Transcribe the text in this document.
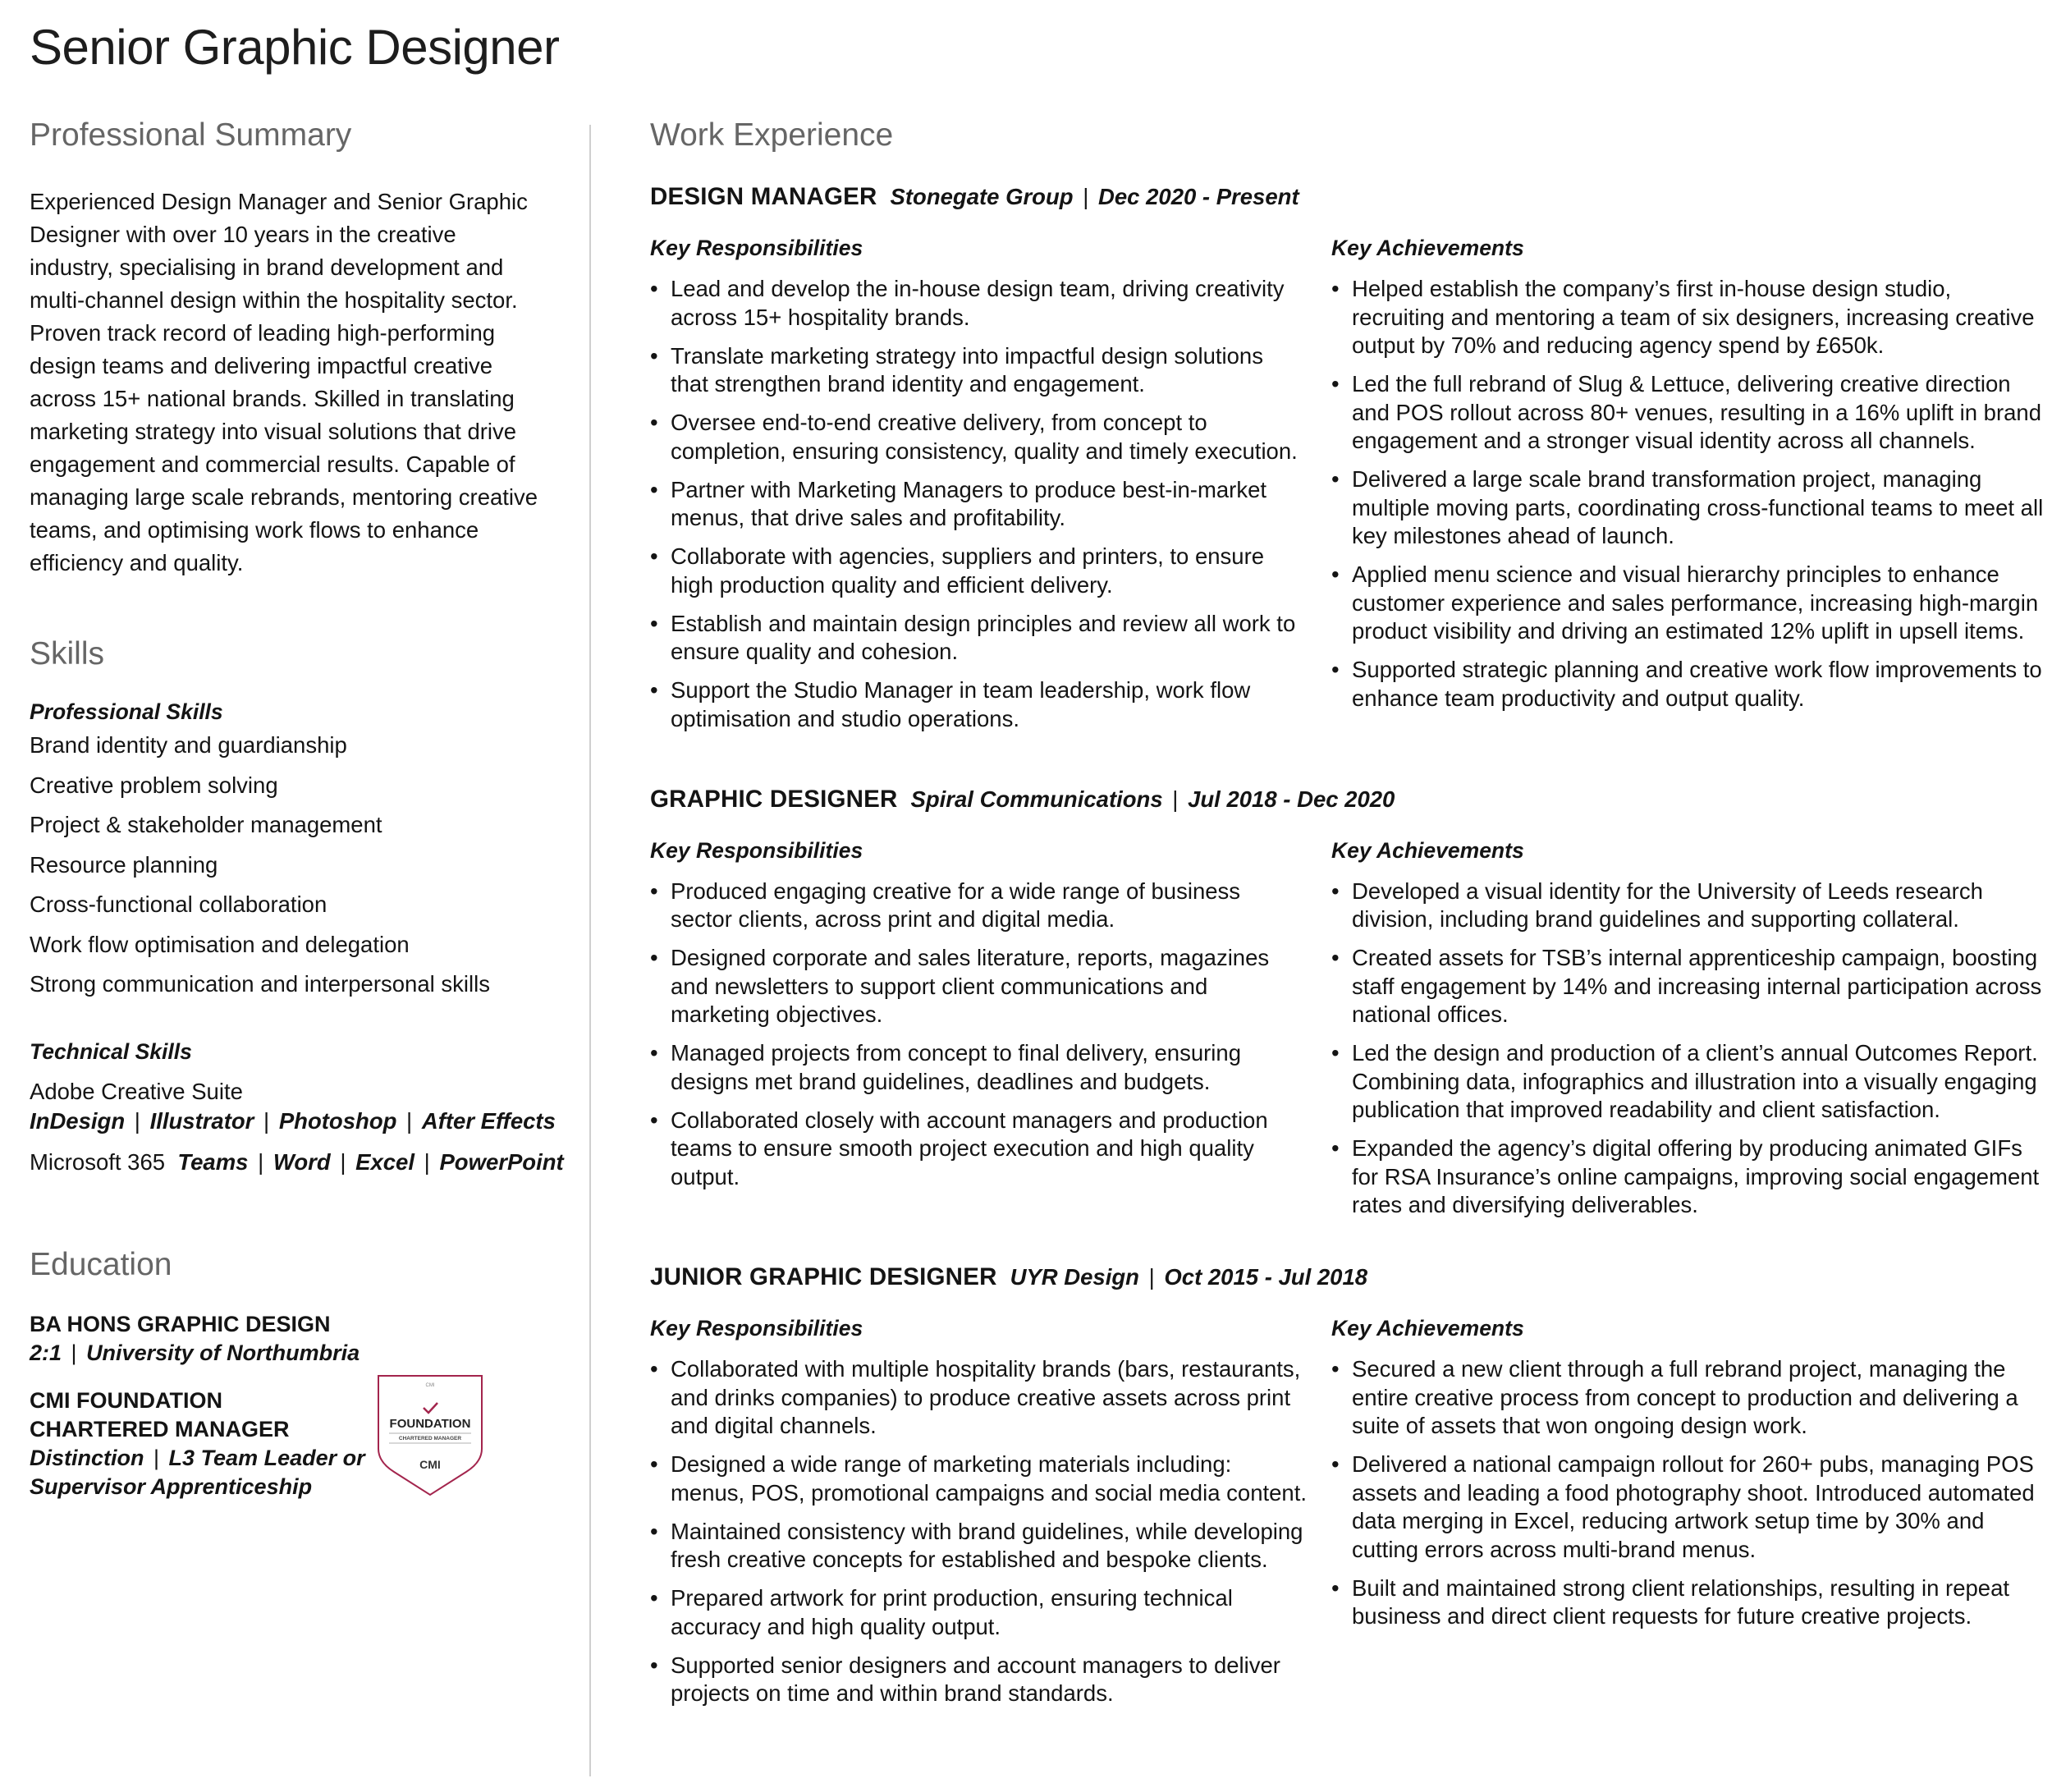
Senior Graphic Designer
Professional Summary

Experienced Design Manager and Senior Graphic Designer with over 10 years in the creative industry, specialising in brand development and multi-channel design within the hospitality sector. Proven track record of leading high-performing design teams and delivering impactful creative across 15+ national brands. Skilled in translating marketing strategy into visual solutions that drive engagement and commercial results. Capable of managing large scale rebrands, mentoring creative teams, and optimising work flows to enhance efficiency and quality.

Skills
Professional Skills
Brand identity and guardianship
Creative problem solving
Project & stakeholder management
Resource planning
Cross-functional collaboration
Work flow optimisation and delegation
Strong communication and interpersonal skills
Technical Skills
Adobe Creative Suite
InDesign | Illustrator | Photoshop | After Effects
Microsoft 365 Teams | Word | Excel | PowerPoint
Education
BA HONS GRAPHIC DESIGN
2:1 | University of Northumbria
CMI FOUNDATION
CHARTERED MANAGER
Distinction | L3 Team Leader or
Supervisor Apprenticeship
CMI
FOUNDATION
CHARTERED MANAGER
CMI
Work Experience
DESIGN MANAGER Stonegate Group | Dec 2020 - Present
Key Responsibilities
• Lead and develop the in-house design team, driving creativity across 15+ hospitality brands.
• Translate marketing strategy into impactful design solutions that strengthen brand identity and engagement.
• Oversee end-to-end creative delivery, from concept to completion, ensuring consistency, quality and timely execution.
• Partner with Marketing Managers to produce best-in-market menus, that drive sales and profitability.
• Collaborate with agencies, suppliers and printers, to ensure high production quality and efficient delivery.
• Establish and maintain design principles and review all work to ensure quality and cohesion.
• Support the Studio Manager in team leadership, work flow optimisation and studio operations.
Key Achievements
• Helped establish the company’s first in-house design studio, recruiting and mentoring a team of six designers, increasing creative output by 70% and reducing agency spend by £650k.
• Led the full rebrand of Slug & Lettuce, delivering creative direction and POS rollout across 80+ venues, resulting in a 16% uplift in brand engagement and a stronger visual identity across all channels.
• Delivered a large scale brand transformation project, managing multiple moving parts, coordinating cross-functional teams to meet all key milestones ahead of launch.
• Applied menu science and visual hierarchy principles to enhance customer experience and sales performance, increasing high-margin product visibility and driving an estimated 12% uplift in upsell items.
• Supported strategic planning and creative work flow improvements to enhance team productivity and output quality.
GRAPHIC DESIGNER Spiral Communications | Jul 2018 - Dec 2020
Key Responsibilities
• Produced engaging creative for a wide range of business sector clients, across print and digital media.
• Designed corporate and sales literature, reports, magazines and newsletters to support client communications and marketing objectives.
• Managed projects from concept to final delivery, ensuring designs met brand guidelines, deadlines and budgets.
• Collaborated closely with account managers and production teams to ensure smooth project execution and high quality output.
Key Achievements
• Developed a visual identity for the University of Leeds research division, including brand guidelines and supporting collateral.
• Created assets for TSB’s internal apprenticeship campaign, boosting staff engagement by 14% and increasing internal participation across national offices.
• Led the design and production of a client’s annual Outcomes Report. Combining data, infographics and illustration into a visually engaging publication that improved readability and client satisfaction.
• Expanded the agency’s digital offering by producing animated GIFs for RSA Insurance’s online campaigns, improving social engagement rates and diversifying deliverables.
JUNIOR GRAPHIC DESIGNER UYR Design | Oct 2015 - Jul 2018
Key Responsibilities
• Collaborated with multiple hospitality brands (bars, restaurants, and drinks companies) to produce creative assets across print and digital channels.
• Designed a wide range of marketing materials including: menus, POS, promotional campaigns and social media content.
• Maintained consistency with brand guidelines, while developing fresh creative concepts for established and bespoke clients.
• Prepared artwork for print production, ensuring technical accuracy and high quality output.
• Supported senior designers and account managers to deliver projects on time and within brand standards.
Key Achievements
• Secured a new client through a full rebrand project, managing the entire creative process from concept to production and delivering a suite of assets that won ongoing design work.
• Delivered a national campaign rollout for 260+ pubs, managing POS assets and leading a food photography shoot. Introduced automated data merging in Excel, reducing artwork setup time by 30% and cutting errors across multi-brand menus.
• Built and maintained strong client relationships, resulting in repeat business and direct client requests for future creative projects.
